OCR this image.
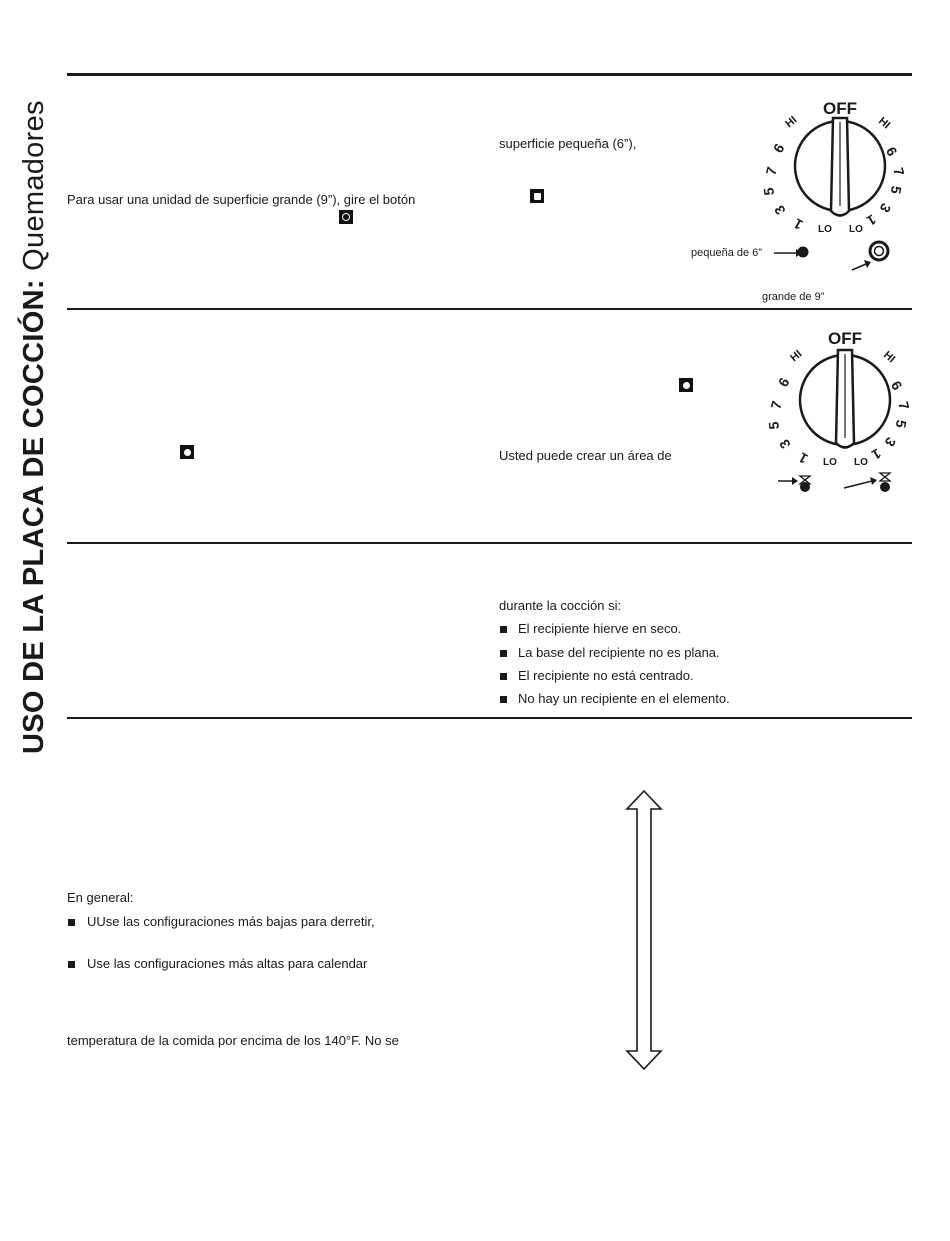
USO DE LA PLACA DE COCCIÓN: Quemadores Para usar una unidad de superficie grande (9”), gire el botón
superficie pequeña (6”),
OFF
HI	HI
6
7
5
3
1 LO LO
1
3
5
7
6
pequeña de 6”
grande de 9”
Usted puede crear un área de
OFF
HI	HI
6
7
5
3
1 LO LO 1
3
5
7
6
durante la cocción si:
El recipiente hierve en seco.
La base del recipiente no es plana.
El recipiente no está centrado.
No hay un recipiente en el elemento.
En general:
UUse las configuraciones más bajas para derretir,
Use las configuraciones más altas para calendar
temperatura de la comida por encima de los 140°F. No se
